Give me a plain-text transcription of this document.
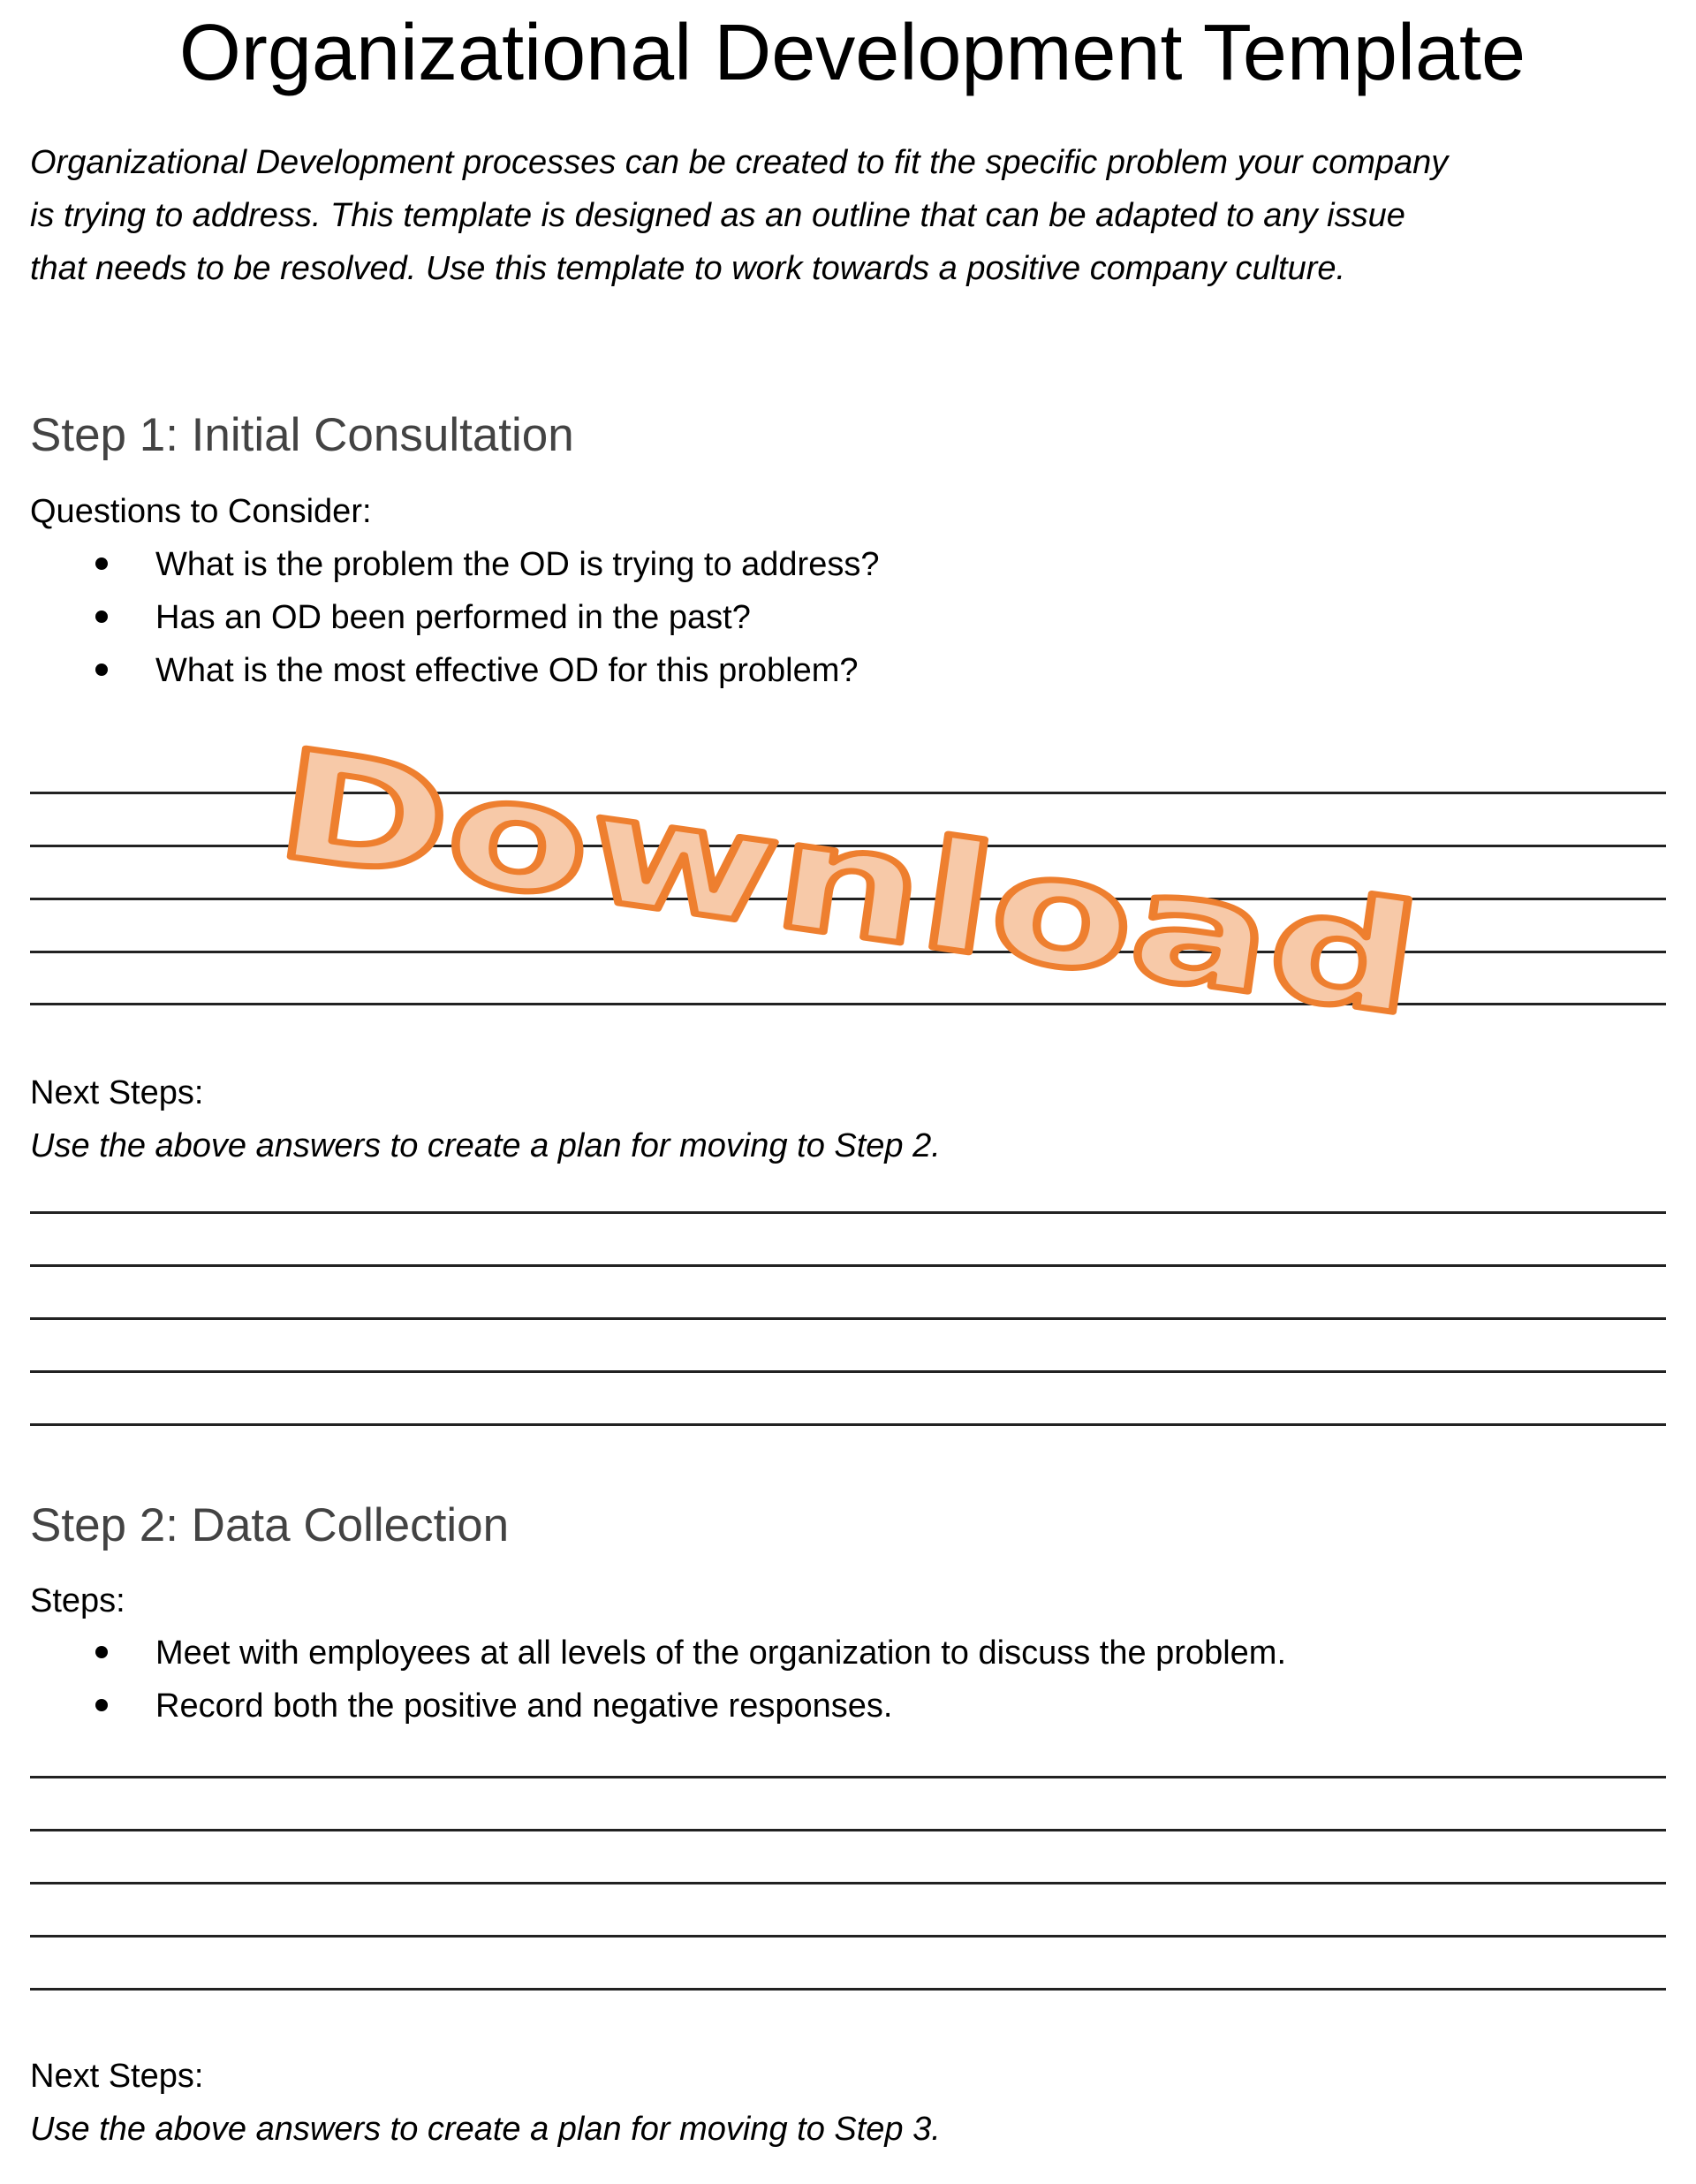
Organizational Development Template
Organizational Development processes can be created to fit the specific problem your company
is trying to address. This template is designed as an outline that can be adapted to any issue
that needs to be resolved. Use this template to work towards a positive company culture.
Step 1: Initial Consultation
Questions to Consider:
What is the problem the OD is trying to address?
Has an OD been performed in the past?
What is the most effective OD for this problem?
Next Steps:
Use the above answers to create a plan for moving to Step 2.
Step 2: Data Collection
Steps:
Meet with employees at all levels of the organization to discuss the problem.
Record both the positive and negative responses.
Next Steps:
Use the above answers to create a plan for moving to Step 3.
Download
